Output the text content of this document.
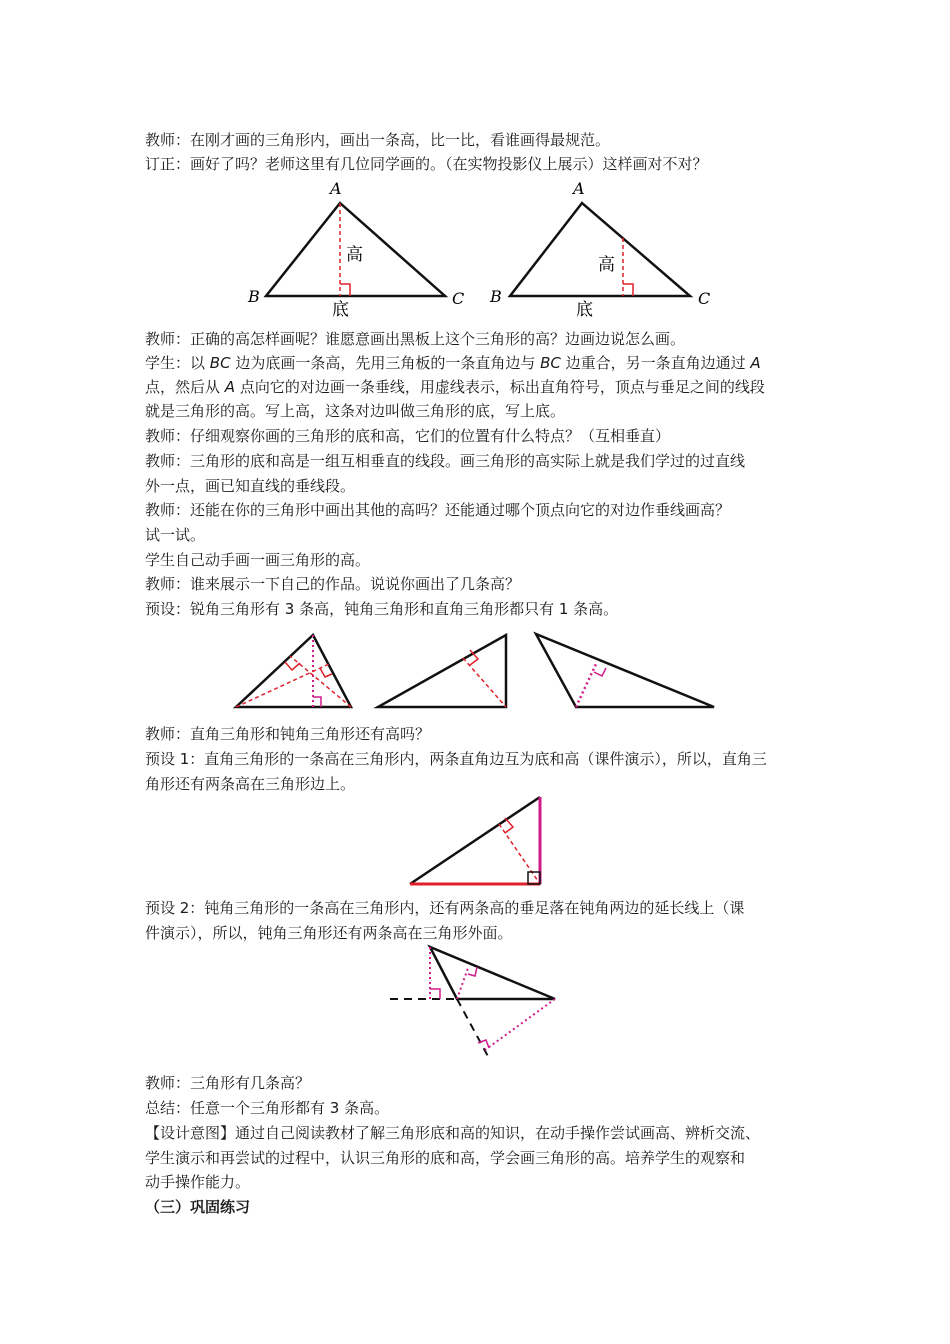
教师：在刚才画的三角形内，画出一条高，比一比，看谁画得最规范。
订正：画好了吗？老师这里有几位同学画的。（在实物投影仪上展示）这样画对不对？
A
B	C
高
底
A
B	C
高
底
教师：正确的高怎样画呢？谁愿意画出黑板上这个三角形的高？边画边说怎么画。
学生：以 BC 边为底画一条高，先用三角板的一条直角边与 BC 边重合，另一条直角边通过 A
点，然后从 A 点向它的对边画一条垂线，用虚线表示，标出直角符号，顶点与垂足之间的线段
就是三角形的高。写上高，这条对边叫做三角形的底，写上底。
教师：仔细观察你画的三角形的底和高，它们的位置有什么特点？（互相垂直）
教师：三角形的底和高是一组互相垂直的线段。画三角形的高实际上就是我们学过的过直线
外一点，画已知直线的垂线段。
教师：还能在你的三角形中画出其他的高吗？还能通过哪个顶点向它的对边作垂线画高？
试一试。
学生自己动手画一画三角形的高。
教师：谁来展示一下自己的作品。说说你画出了几条高？
预设：锐角三角形有 3 条高，钝角三角形和直角三角形都只有 1 条高。
教师：直角三角形和钝角三角形还有高吗？
预设 1：直角三角形的一条高在三角形内，两条直角边互为底和高（课件演示），所以，直角三
角形还有两条高在三角形边上。
预设 2：钝角三角形的一条高在三角形内，还有两条高的垂足落在钝角两边的延长线上（课
件演示），所以，钝角三角形还有两条高在三角形外面。
教师：三角形有几条高？
总结：任意一个三角形都有 3 条高。
【设计意图】通过自己阅读教材了解三角形底和高的知识，在动手操作尝试画高、辨析交流、
学生演示和再尝试的过程中，认识三角形的底和高，学会画三角形的高。培养学生的观察和
动手操作能力。
（三）巩固练习
